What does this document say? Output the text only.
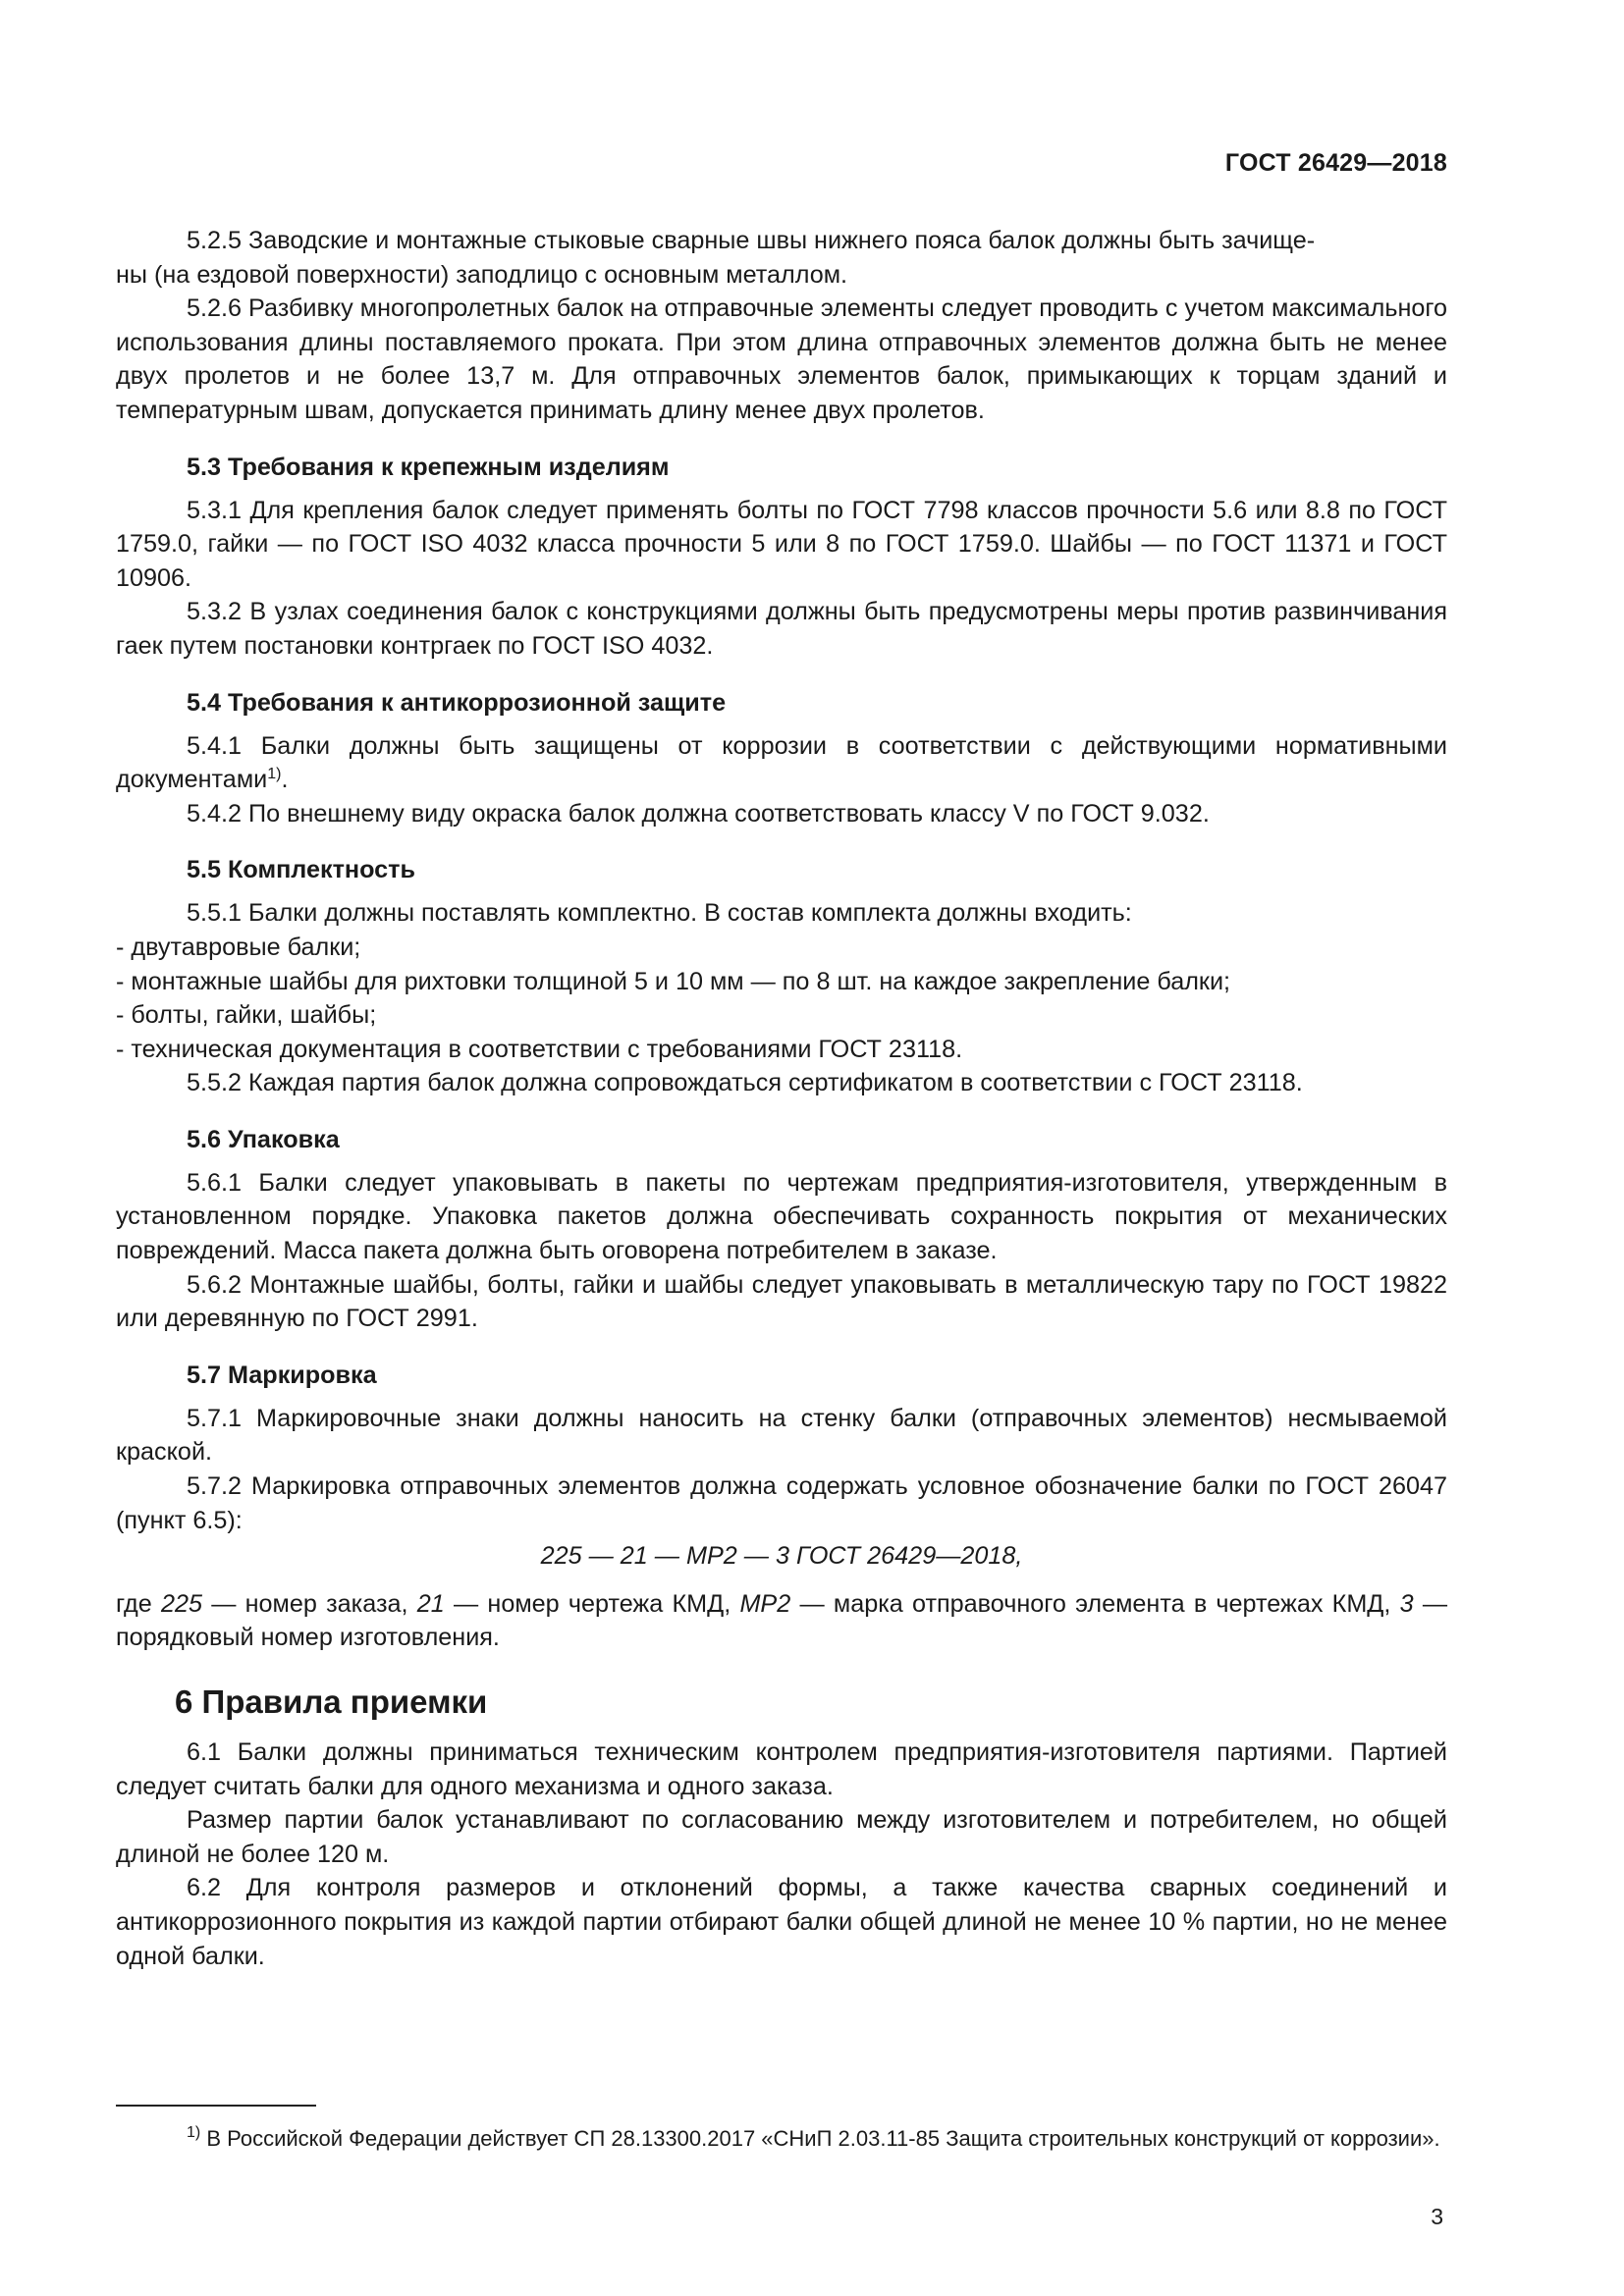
ГОСТ 26429—2018

5.2.5 Заводские и монтажные стыковые сварные швы нижнего пояса балок должны быть зачище-
ны (на ездовой поверхности) заподлицо с основным металлом.

5.2.6 Разбивку многопролетных балок на отправочные элементы следует проводить с учетом максимального использования длины поставляемого проката. При этом длина отправочных элементов должна быть не менее двух пролетов и не более 13,7 м. Для отправочных элементов балок, примыкающих к торцам зданий и температурным швам, допускается принимать длину менее двух пролетов.

5.3 Требования к крепежным изделиям

5.3.1 Для крепления балок следует применять болты по ГОСТ 7798 классов прочности 5.6 или 8.8 по ГОСТ 1759.0, гайки — по ГОСТ ISO 4032 класса прочности 5 или 8 по ГОСТ 1759.0. Шайбы — по ГОСТ 11371 и ГОСТ 10906.

5.3.2 В узлах соединения балок с конструкциями должны быть предусмотрены меры против развинчивания гаек путем постановки контргаек по ГОСТ ISO 4032.

5.4 Требования к антикоррозионной защите

5.4.1 Балки должны быть защищены от коррозии в соответствии с действующими нормативными документами$^{1)}$.

5.4.2 По внешнему виду окраска балок должна соответствовать классу V по ГОСТ 9.032.

5.5 Комплектность

5.5.1 Балки должны поставлять комплектно. В состав комплекта должны входить:

- двутавровые балки;

- монтажные шайбы для рихтовки толщиной 5 и 10 мм — по 8 шт. на каждое закрепление балки;

- болты, гайки, шайбы;

- техническая документация в соответствии с требованиями ГОСТ 23118.

5.5.2 Каждая партия балок должна сопровождаться сертификатом в соответствии с ГОСТ 23118.

5.6 Упаковка

5.6.1 Балки следует упаковывать в пакеты по чертежам предприятия-изготовителя, утвержденным в установленном порядке. Упаковка пакетов должна обеспечивать сохранность покрытия от механических повреждений. Масса пакета должна быть оговорена потребителем в заказе.

5.6.2 Монтажные шайбы, болты, гайки и шайбы следует упаковывать в металлическую тару по ГОСТ 19822 или деревянную по ГОСТ 2991.

5.7 Маркировка

5.7.1 Маркировочные знаки должны наносить на стенку балки (отправочных элементов) несмываемой краской.

5.7.2 Маркировка отправочных элементов должна содержать условное обозначение балки по ГОСТ 26047 (пункт 6.5):

225 — 21 — МР2 — 3 ГОСТ 26429—2018,

где 225 — номер заказа, 21 — номер чертежа КМД, МР2 — марка отправочного элемента в чертежах КМД, 3 — порядковый номер изготовления.

6 Правила приемки

6.1 Балки должны приниматься техническим контролем предприятия-изготовителя партиями. Партией следует считать балки для одного механизма и одного заказа.

Размер партии балок устанавливают по согласованию между изготовителем и потребителем, но общей длиной не более 120 м.

6.2 Для контроля размеров и отклонений формы, а также качества сварных соединений и антикоррозионного покрытия из каждой партии отбирают балки общей длиной не менее 10 % партии, но не менее одной балки.

$^{1)}$ В Российской Федерации действует СП 28.13300.2017 «СНиП 2.03.11-85 Защита строительных конструкций от коррозии».

3
